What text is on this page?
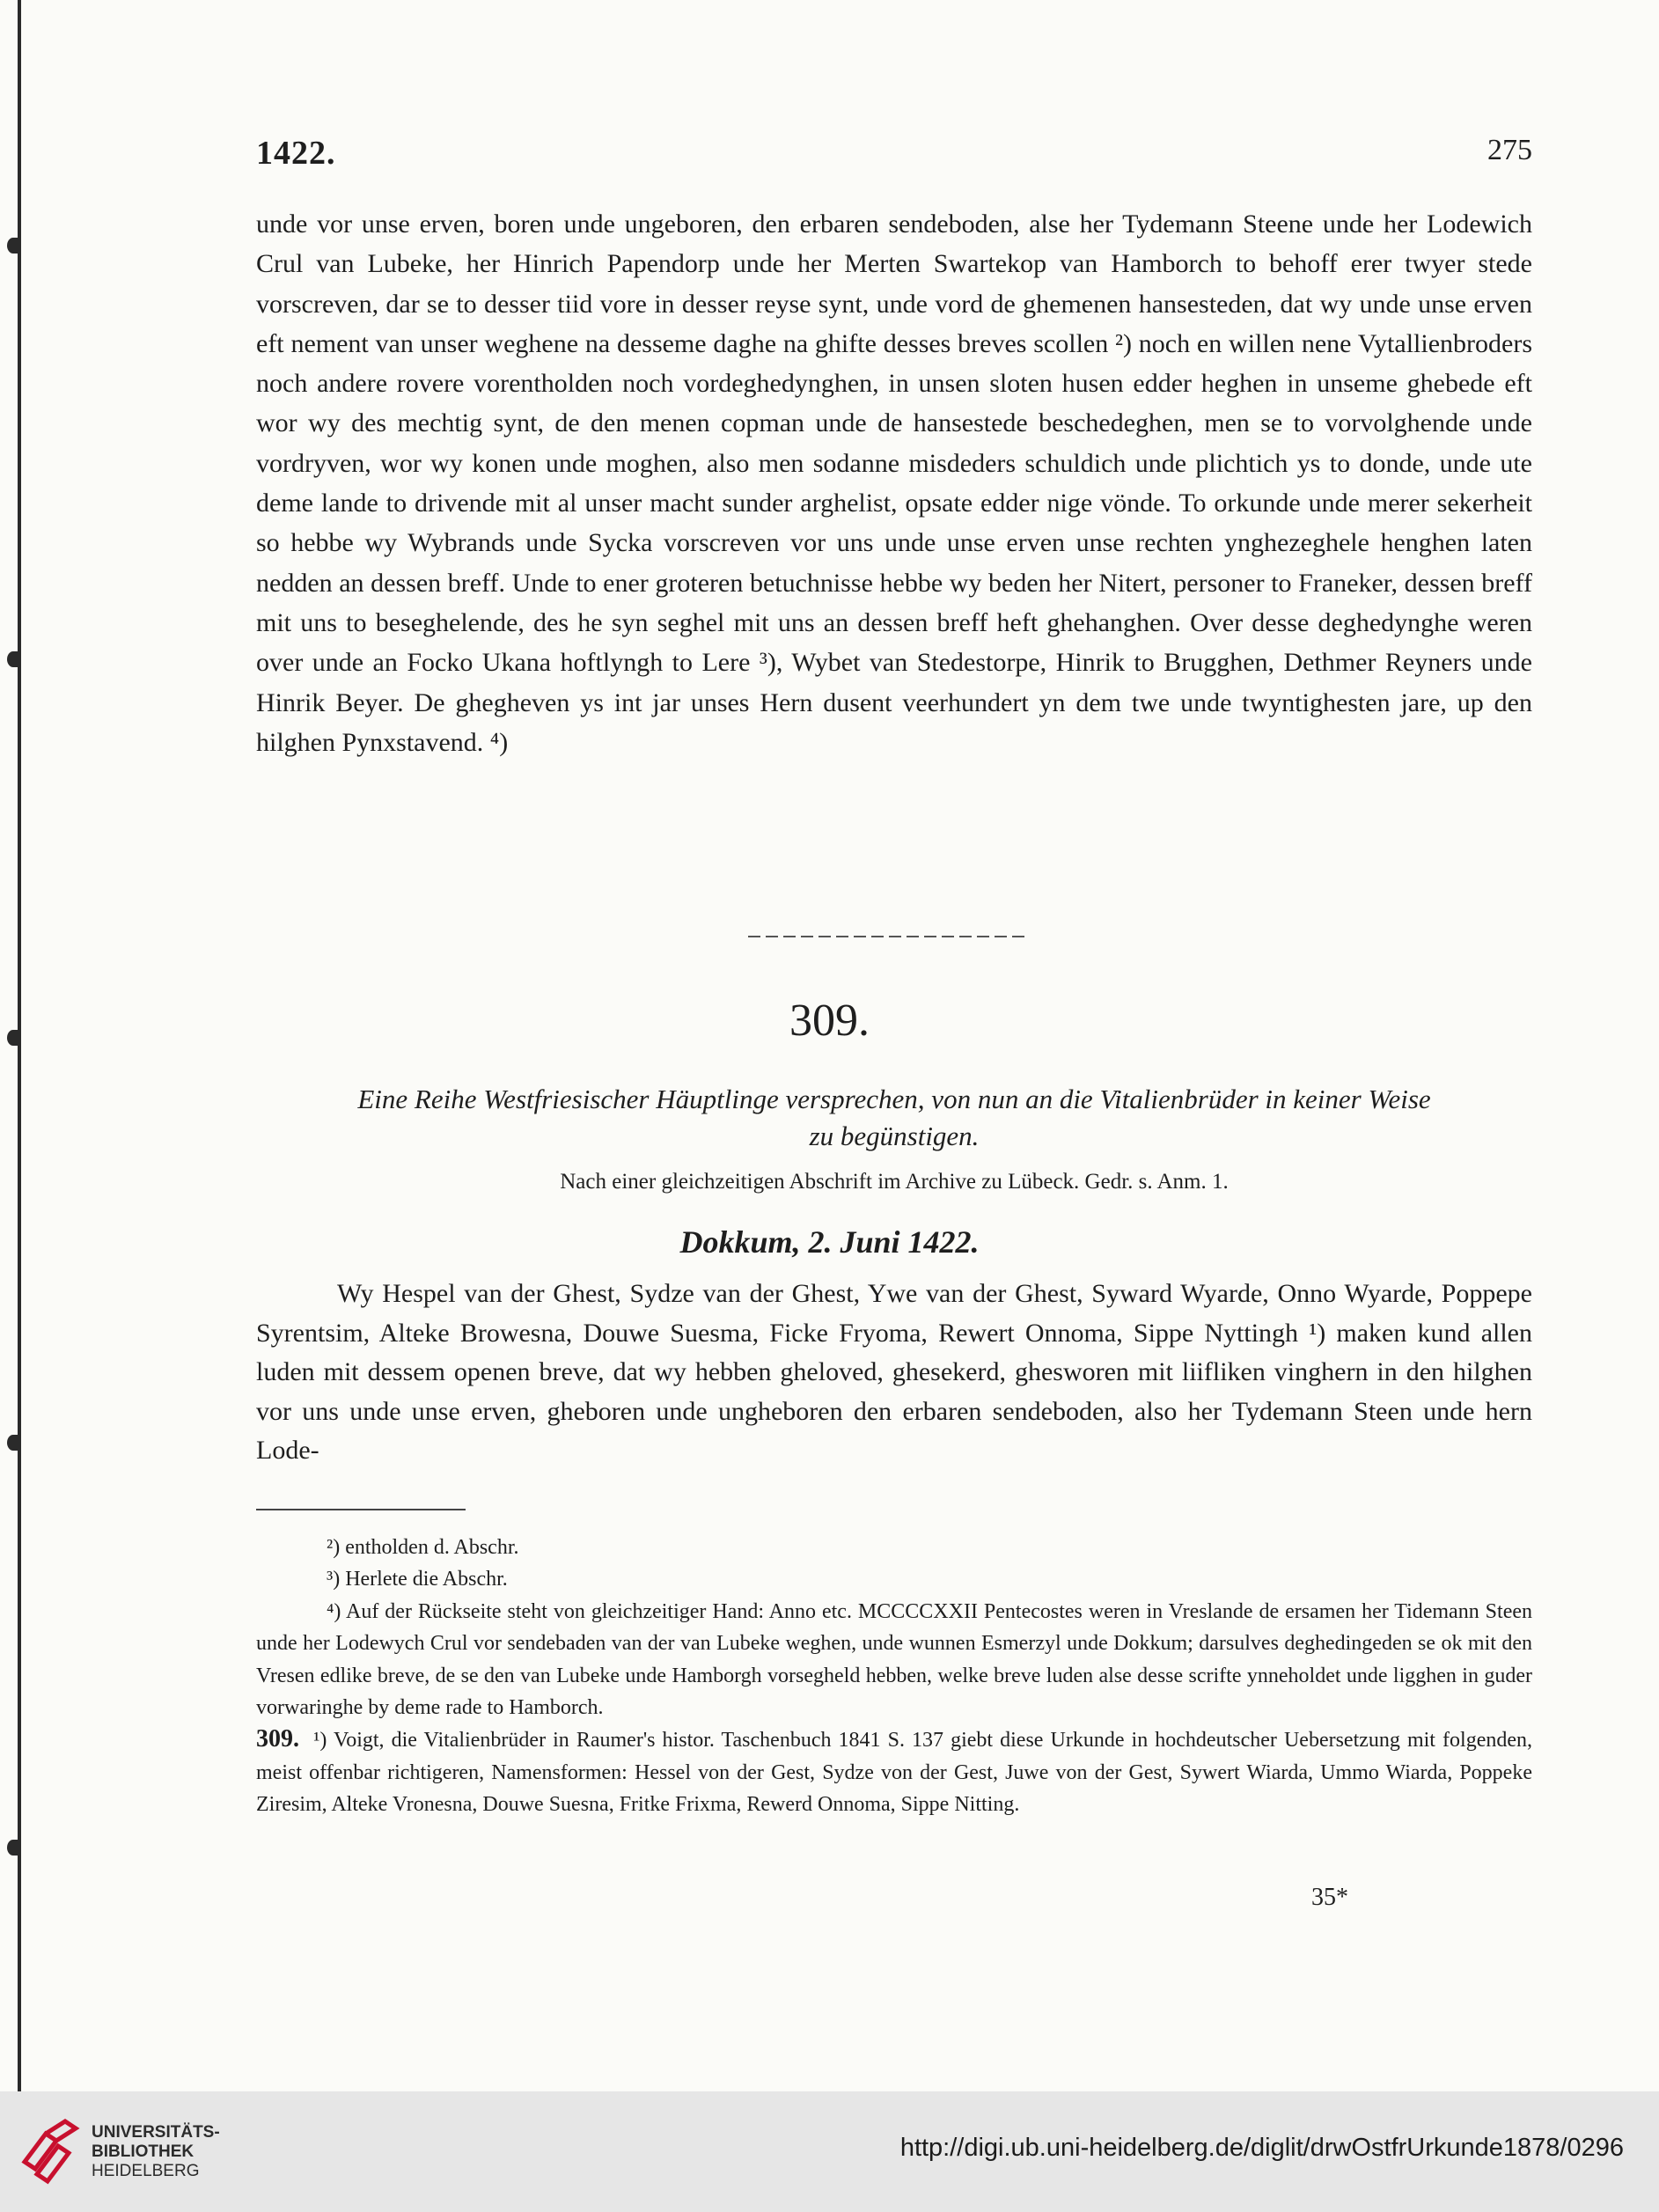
1422.	275

unde vor unse erven, boren unde ungeboren, den erbaren sendeboden, alse her Tydemann Steene unde her Lodewich Crul van Lubeke, her Hinrich Papendorp unde her Merten Swartekop van Hamborch to behoff erer twyer stede vorscreven, dar se to desser tiid vore in desser reyse synt, unde vord de ghemenen hansesteden, dat wy unde unse erven eft nement van unser weghene na desseme daghe na ghifte desses breves scollen ²) noch en willen nene Vytallienbroders noch andere rovere vorentholden noch vordeghedynghen, in unsen sloten husen edder heghen in unseme ghebede eft wor wy des mechtig synt, de den menen copman unde de hansestede beschedeghen, men se to vorvolghende unde vordryven, wor wy konen unde moghen, also men sodanne misdeders schuldich unde plichtich ys to donde, unde ute deme lande to drivende mit al unser macht sunder arghelist, opsate edder nige vönde. To orkunde unde merer sekerheit so hebbe wy Wybrands unde Sycka vorscreven vor uns unde unse erven unse rechten ynghezeghele henghen laten nedden an dessen breff. Unde to ener groteren betuchnisse hebbe wy beden her Nitert, personer to Franeker, dessen breff mit uns to beseghelende, des he syn seghel mit uns an dessen breff heft ghehanghen. Over desse deghedynghe weren over unde an Focko Ukana hoftlyngh to Lere ³), Wybet van Stedestorpe, Hinrik to Brugghen, Dethmer Reyners unde Hinrik Beyer. De ghegheven ys int jar unses Hern dusent veerhundert yn dem twe unde twyntighesten jare, up den hilghen Pynxstavend. ⁴)

309.
Eine Reihe Westfriesischer Häuptlinge versprechen, von nun an die Vitalienbrüder in keiner Weise
zu begünstigen.
Nach einer gleichzeitigen Abschrift im Archive zu Lübeck. Gedr. s. Anm. 1.
Dokkum, 2. Juni 1422.

Wy Hespel van der Ghest, Sydze van der Ghest, Ywe van der Ghest, Syward Wyarde, Onno Wyarde, Poppepe Syrentsim, Alteke Browesna, Douwe Suesma, Ficke Fryoma, Rewert Onnoma, Sippe Nyttingh ¹) maken kund allen luden mit dessem openen breve, dat wy hebben gheloved, ghesekerd, ghesworen mit liifliken vinghern in den hilghen vor uns unde unse erven, gheboren unde ungheboren den erbaren sendeboden, also her Tydemann Steen unde hern Lode-

²) entholden d. Abschr.

³) Herlete die Abschr.

⁴) Auf der Rückseite steht von gleichzeitiger Hand: Anno etc. MCCCCXXII Pentecostes weren in Vreslande de ersamen her Tidemann Steen unde her Lodewych Crul vor sendebaden van der van Lubeke weghen, unde wunnen Esmerzyl unde Dokkum; darsulves deghedingeden se ok mit den Vresen edlike breve, de se den van Lubeke unde Hamborgh vorsegheld hebben, welke breve luden alse desse scrifte ynneholdet unde ligghen in guder vorwaringhe by deme rade to Hamborch.

309. ¹) Voigt, die Vitalienbrüder in Raumer's histor. Taschenbuch 1841 S. 137 giebt diese Urkunde in hochdeutscher Uebersetzung mit folgenden, meist offenbar richtigeren, Namensformen: Hessel von der Gest, Sydze von der Gest, Juwe von der Gest, Sywert Wiarda, Ummo Wiarda, Poppeke Ziresim, Alteke Vronesna, Douwe Suesna, Fritke Frixma, Rewerd Onnoma, Sippe Nitting.

35*
UNIVERSITÄTS-
BIBLIOTHEK
HEIDELBERG
http://digi.ub.uni-heidelberg.de/diglit/drwOstfrUrkunde1878/0296
